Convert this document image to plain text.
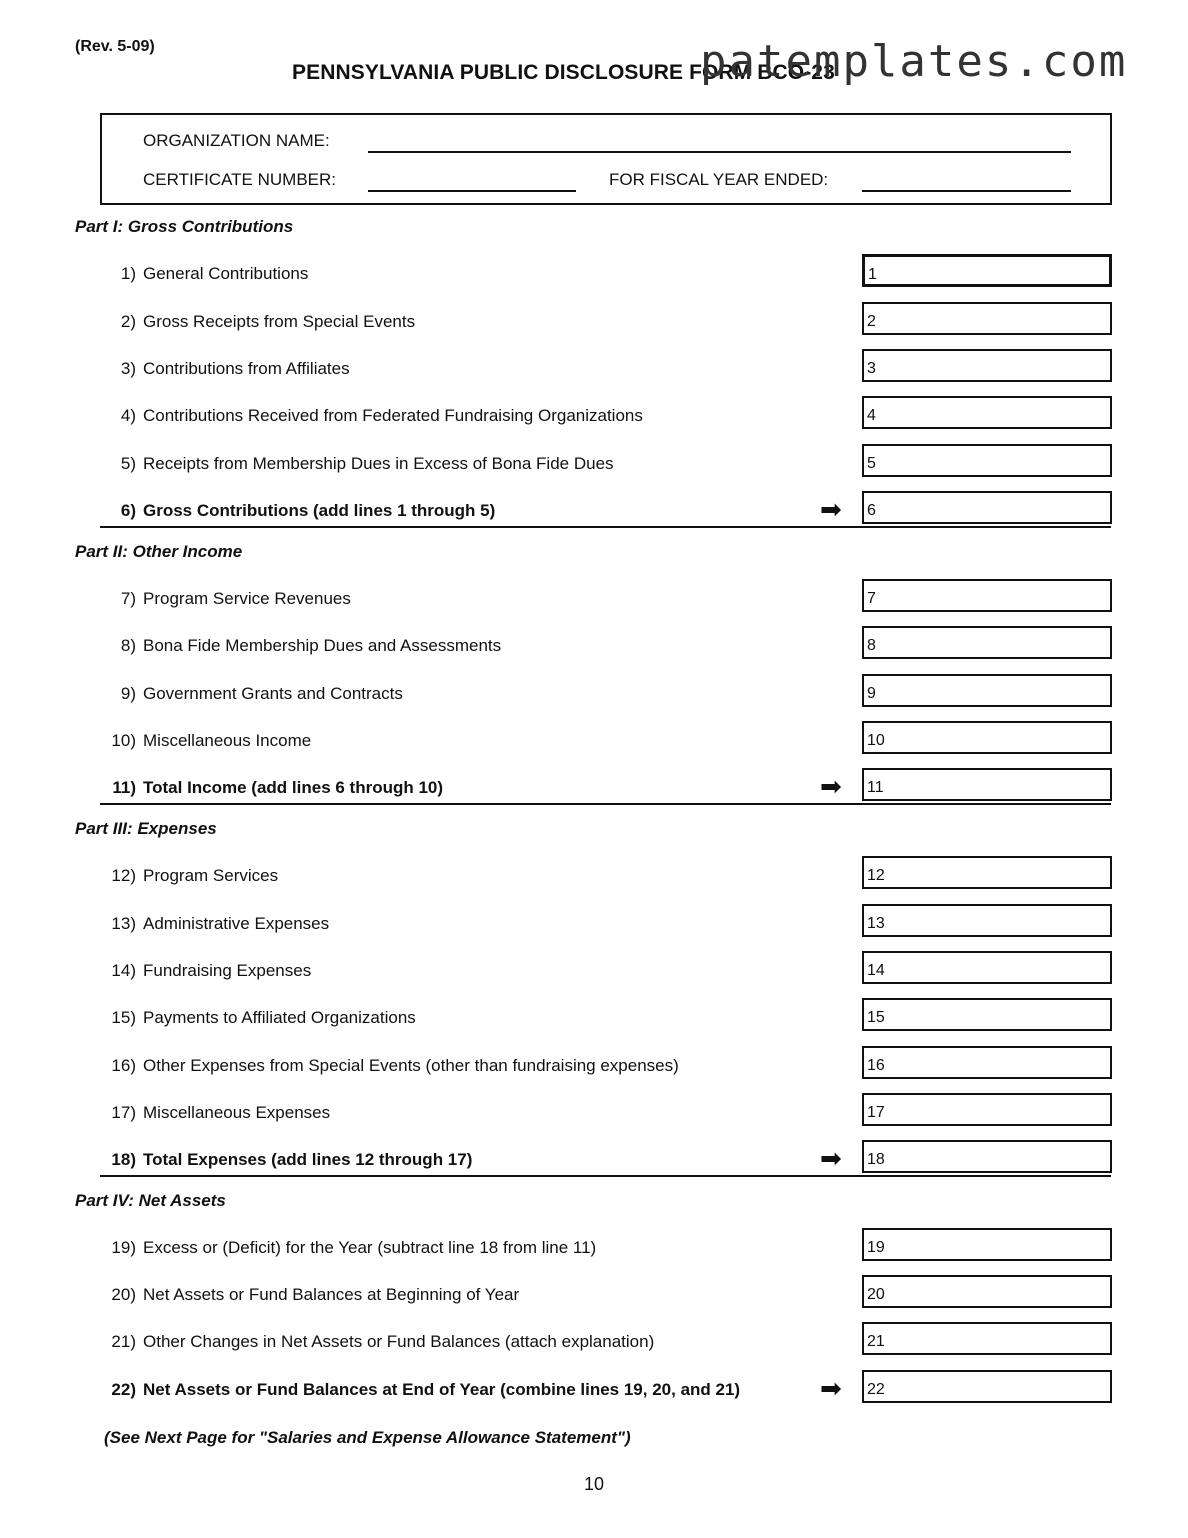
(Rev. 5-09)
PENNSYLVANIA PUBLIC DISCLOSURE FORM BCO-23
patemplates.com
ORGANIZATION NAME:
CERTIFICATE NUMBER:	FOR FISCAL YEAR ENDED:
Part I: Gross Contributions
1) General Contributions	1
2) Gross Receipts from Special Events	2
3) Contributions from Affiliates	3
4) Contributions Received from Federated Fundraising Organizations	4
5) Receipts from Membership Dues in Excess of Bona Fide Dues	5
6) Gross Contributions (add lines 1 through 5)	➡ 6
Part II: Other Income
7) Program Service Revenues	7
8) Bona Fide Membership Dues and Assessments	8
9) Government Grants and Contracts	9
10) Miscellaneous Income	10
11) Total Income (add lines 6 through 10)	➡ 11
Part III: Expenses
12) Program Services	12
13) Administrative Expenses	13
14) Fundraising Expenses	14
15) Payments to Affiliated Organizations	15
16) Other Expenses from Special Events (other than fundraising expenses)	16
17) Miscellaneous Expenses	17
18) Total Expenses (add lines 12 through 17)	➡ 18
Part IV: Net Assets
19) Excess or (Deficit) for the Year (subtract line 18 from line 11)	19
20) Net Assets or Fund Balances at Beginning of Year	20
21) Other Changes in Net Assets or Fund Balances (attach explanation)	21
22) Net Assets or Fund Balances at End of Year (combine lines 19, 20, and 21)	➡ 22
(See Next Page for "Salaries and Expense Allowance Statement")
10
